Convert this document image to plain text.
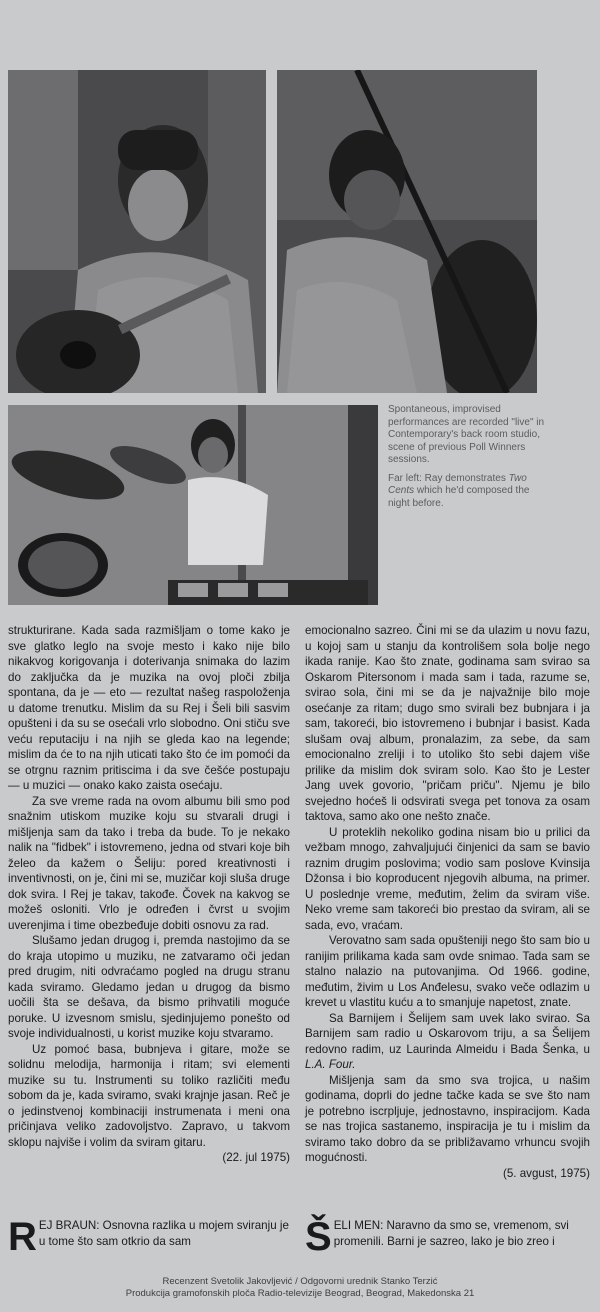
Spontaneous, improvised performances are recorded "live" in Contemporary's back room studio, scene of previous Poll Winners sessions.

Far left: Ray demonstrates Two Cents which he'd composed the night before.

strukturirane. Kada sada razmišljam o tome kako je sve glatko leglo na svoje mesto i kako nije bilo nikakvog korigovanja i doterivanja snimaka do lazim do zaključka da je muzika na ovoj ploči zbilja spontana, da je — eto — rezultat našeg raspoloženja u datome trenutku. Mislim da su Rej i Šeli bili sasvim opušteni i da su se osećali vrlo slobodno. Oni stiču sve veću reputaciju i na njih se gleda kao na legende; mislim da će to na njih uticati tako što će im pomoći da se otrgnu raznim pritiscima i da sve češće postupaju — u muzici — onako kako zaista osećaju.

Za sve vreme rada na ovom albumu bili smo pod snažnim utiskom muzike koju su stvarali drugi i mišljenja sam da tako i treba da bude. To je nekako nalik na "fidbek" i istovremeno, jedna od stvari koje bih želeo da kažem o Šeliju: pored kreativnosti i inventivnosti, on je, čini mi se, muzičar koji sluša druge dok svira. I Rej je takav, takođe. Čovek na kakvog se možeš osloniti. Vrlo je određen i čvrst u svojim uverenjima i time obezbeđuje dobiti osnovu za rad.

Slušamo jedan drugog i, premda nastojimo da se do kraja utopimo u muziku, ne zatvaramo oči jedan pred drugim, niti odvraćamo pogled na drugu stranu kada sviramo. Gledamo jedan u drugog da bismo uočili šta se dešava, da bismo prihvatili moguće poruke. U izvesnom smislu, sjedinjujemo ponešto od svoje individualnosti, u korist muzike koju stvaramo.

Uz pomoć basa, bubnjeva i gitare, može se solidnu melodija, harmonija i ritam; svi elementi muzike su tu. Instrumenti su toliko različiti među sobom da je, kada sviramo, svaki krajnje jasan. Reč je o jedinstvenoj kombinaciji instrumenata i meni ona pričinjava veliko zadovoljstvo. Zapravo, u takvom sklopu najviše i volim da sviram gitaru.

(22. jul 1975)

emocionalno sazreo. Čini mi se da ulazim u novu fazu, u kojoj sam u stanju da kontrolišem sola bolje nego ikada ranije. Kao što znate, godinama sam svirao sa Oskarom Pitersonom i mada sam i tada, razume se, svirao sola, čini mi se da je najvažnije bilo moje osećanje za ritam; dugo smo svirali bez bubnjara i ja sam, takoreći, bio istovremeno i bubnjar i basist. Kada slušam ovaj album, pronalazim, za sebe, da sam emocionalno zreliji i to utoliko što sebi dajem više prilike da mislim dok sviram solo. Kao što je Lester Jang uvek govorio, "pričam priču". Njemu je bilo svejedno hoćeš li odsvirati svega pet tonova za osam taktova, samo ako one nešto znače.

U proteklih nekoliko godina nisam bio u prilici da vežbam mnogo, zahvaljujući činjenici da sam se bavio raznim drugim poslovima; vodio sam poslove Kvinsija Džonsa i bio koproducent njegovih albuma, na primer. U poslednje vreme, međutim, želim da sviram više. Neko vreme sam takoreći bio prestao da sviram, ali se sada, evo, vraćam.

Verovatno sam sada opušteniji nego što sam bio u ranijim prilikama kada sam ovde snimao. Tada sam se stalno nalazio na putovanjima. Od 1966. godine, međutim, živim u Los Anđelesu, svako veče odlazim u krevet u vlastitu kuću a to smanjuje napetost, znate.

Sa Barnijem i Šelijem sam uvek lako svirao. Sa Barnijem sam radio u Oskarovom triju, a sa Šelijem redovno radim, uz Laurinda Almeidu i Bada Šenka, u L.A. Four.

Mišljenja sam da smo sva trojica, u našim godinama, doprli do jedne tačke kada se sve što nam je potrebno iscrpljuje, jednostavno, inspiracijom. Kada se nas trojica sastanemo, inspiracija je tu i mislim da sviramo tako dobro da se približavamo vrhuncu svojih mogućnosti.

(5. avgust, 1975)

REJ BRAUN: Osnovna razlika u mojem sviranju je u tome što sam otkrio da sam	ŠELI MEN: Naravno da smo se, vremenom, svi promenili. Barni je sazreo, lako je bio zreo i
Recenzent Svetolik Jakovljević / Odgovorni urednik Stanko Terzić
Produkcija gramofonskih ploča Radio-televizije Beograd, Beograd, Makedonska 21
